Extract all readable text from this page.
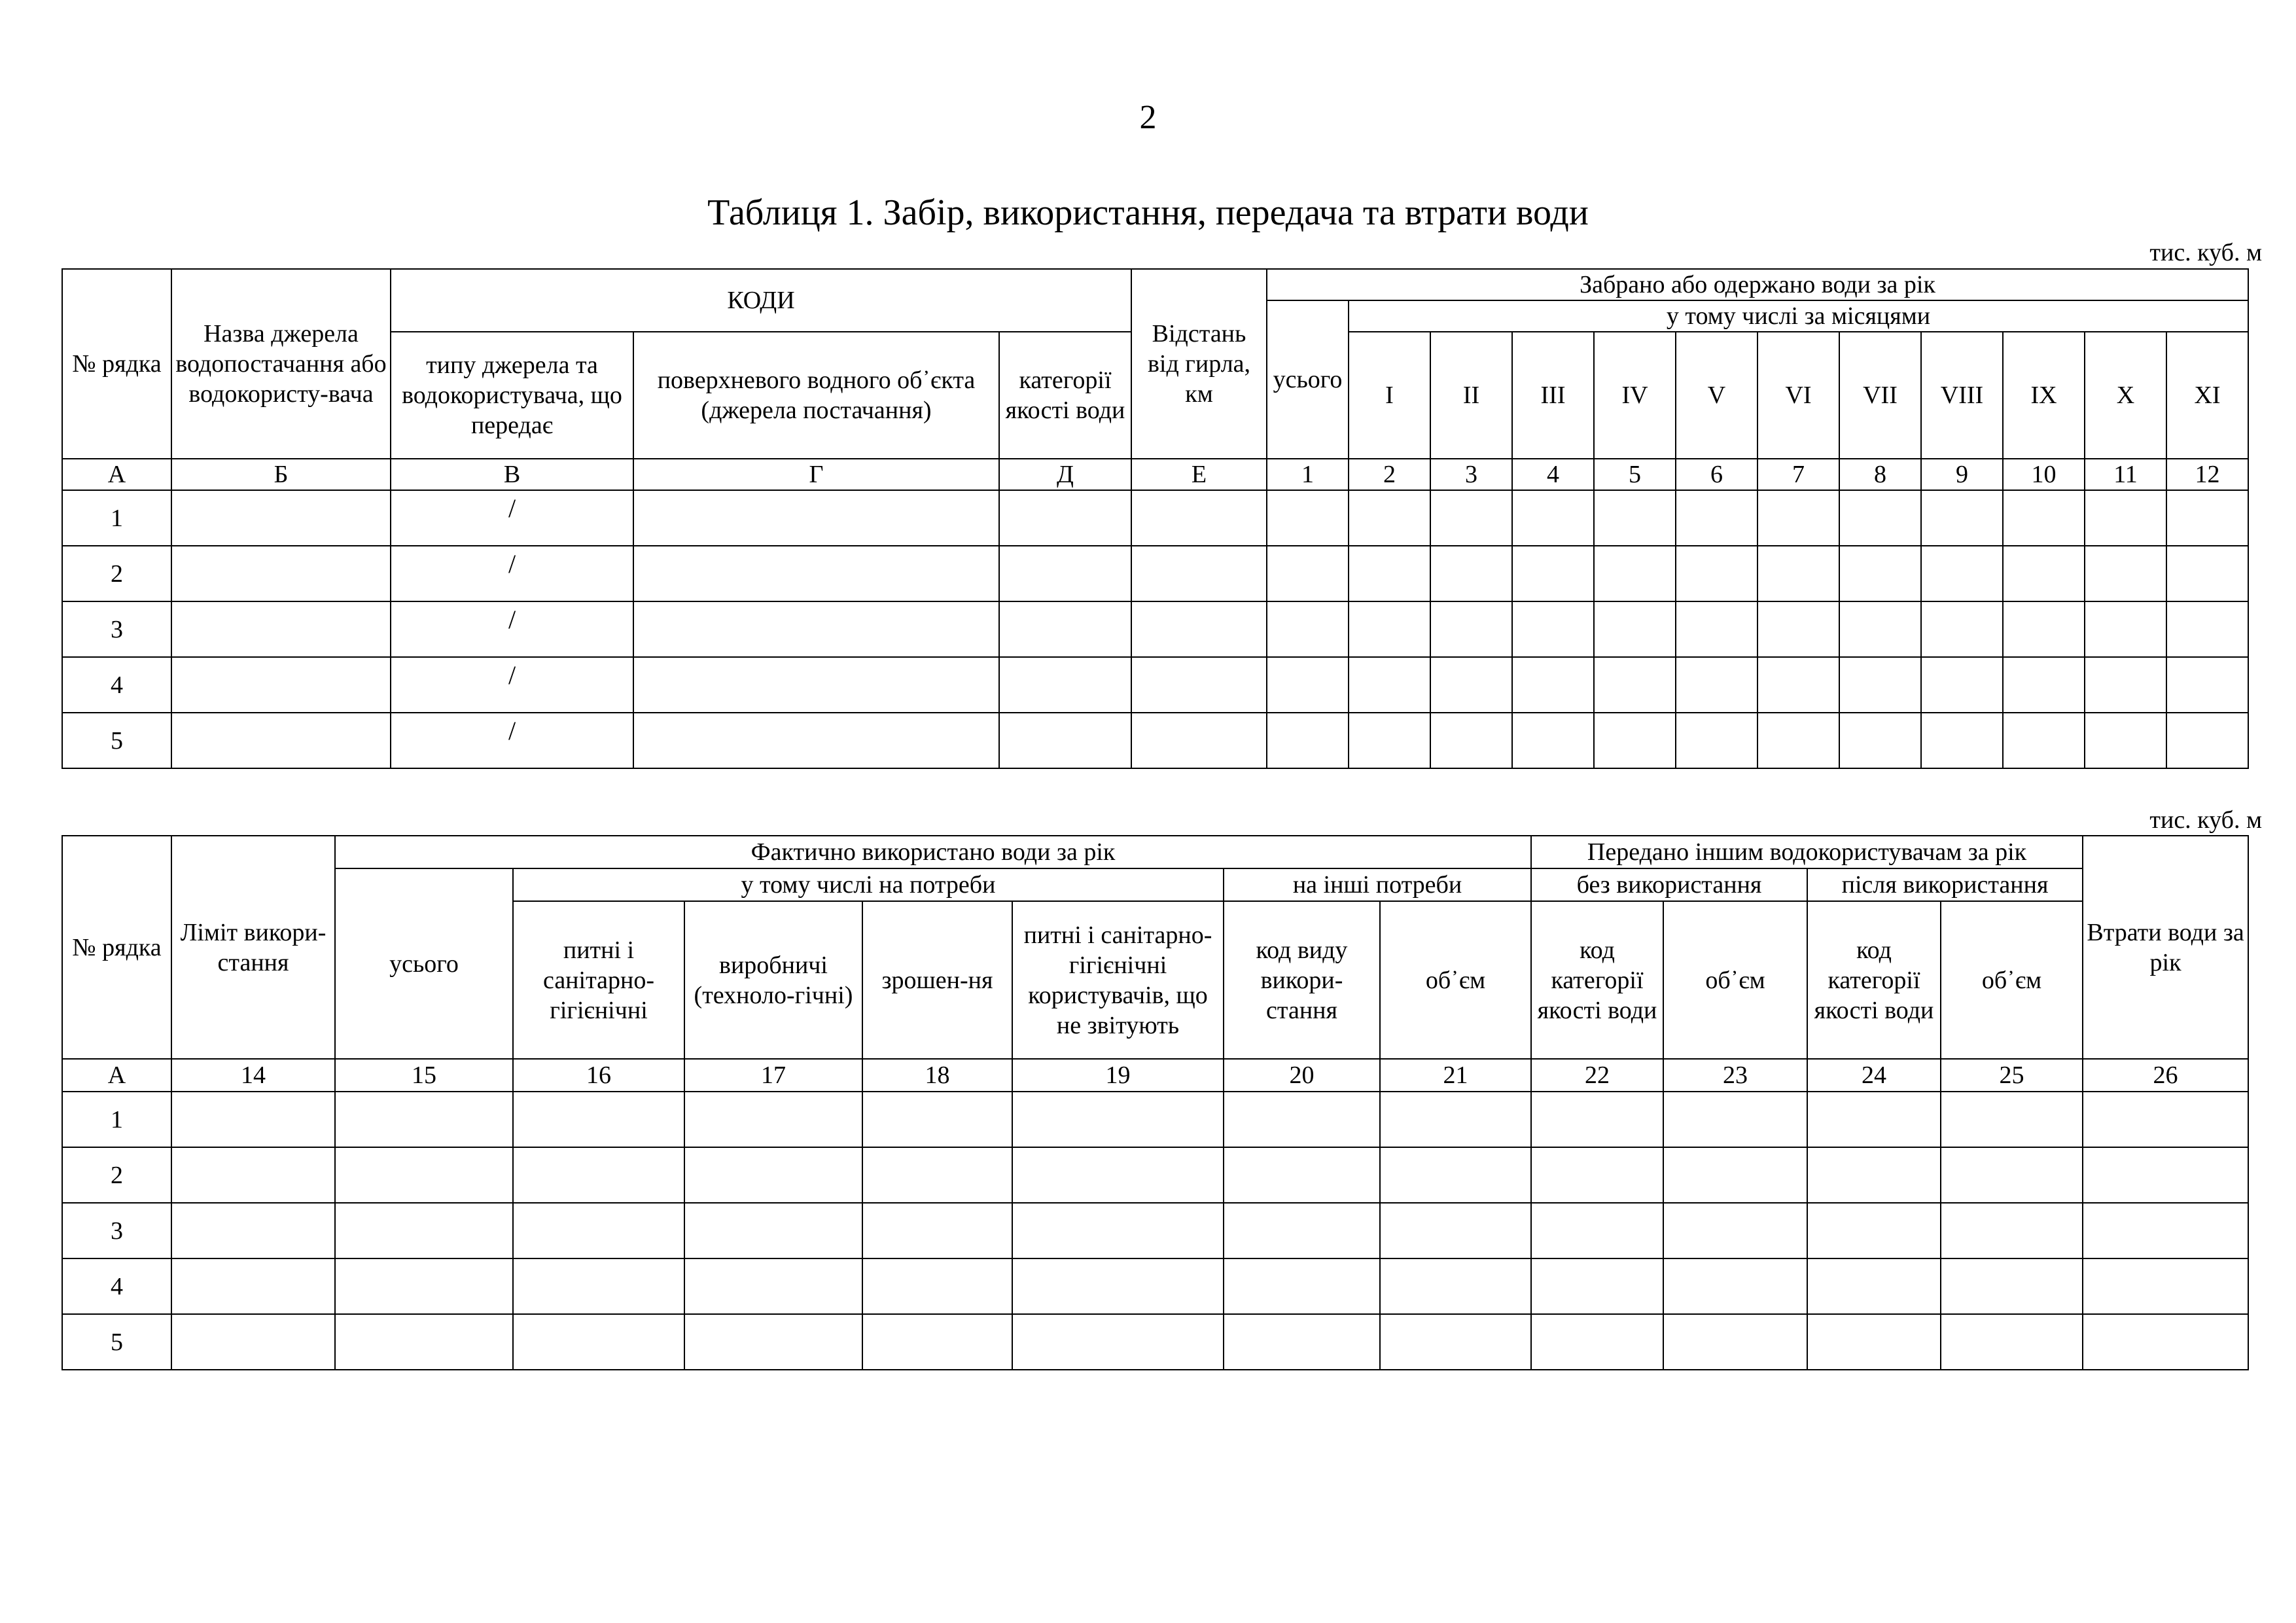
2
Таблиця 1. Забір, використання, передача та втрати води
тис. куб. м
№ рядка	Назва джерела водопостачання або водокористу-вача	КОДИ			Відстань від гирла, км	Забрано або одержано води за рік												
						усього	у тому числі за місяцями											
		типу джерела та водокористувача, що передає	поверхневого водного об᾽єкта (джерела постачання)	категорії якості води			I	II	III	IV	V	VI	VII	VIII	IX	X	XI	
А	Б	В	Г	Д	Е	1	2	3	4	5	6	7	8	9	10	11	12	
1		/																
2		/																
3		/																
4		/																
5		/																
тис. куб. м
№ рядка	Ліміт викори-стання	Фактично використано води за рік							Передано іншим водокористувачам за рік				Втрати води за рік
		усього	у тому числі на потреби				на інші потреби		без використання		після використання		
			питні і санітарно-гігієнічні	виробничі (техноло-гічні)	зрошен-ня	питні і санітарно-гігієнічні користувачів, що не звітують	код виду викори-стання	об᾽єм	код категорії якості води	об᾽єм	код категорії якості води	об᾽єм	
А	14	15	16	17	18	19	20	21	22	23	24	25	26
1													
2													
3													
4													
5													
